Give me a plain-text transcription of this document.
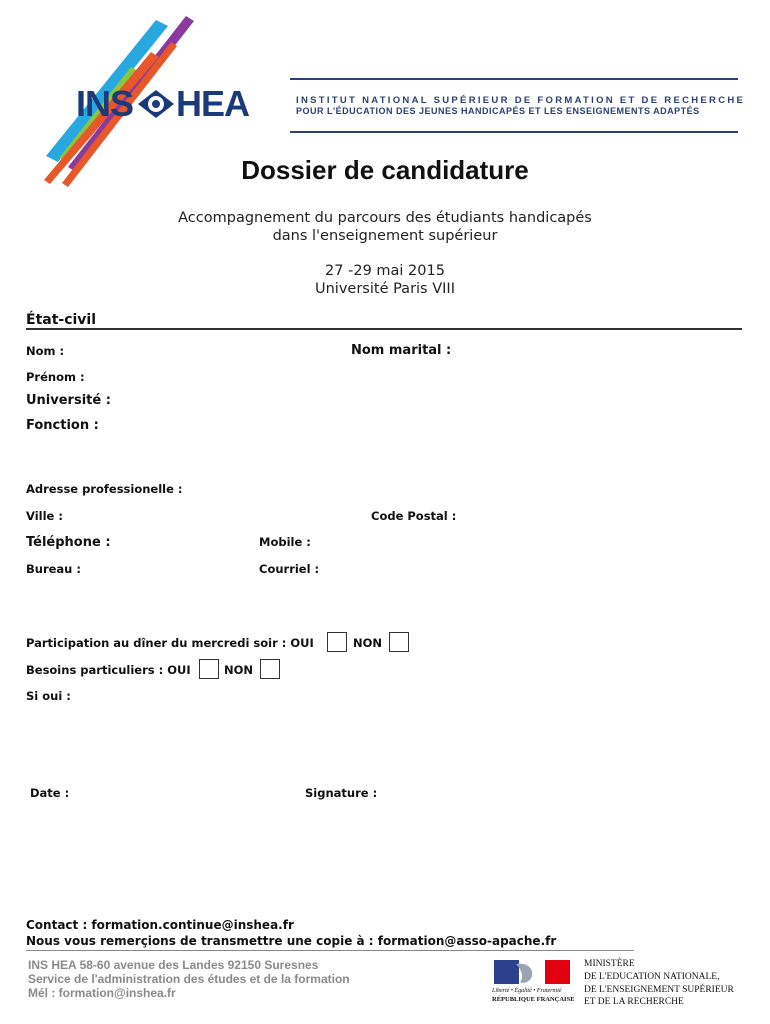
INS HEA	INSTITUT NATIONAL SUPÉRIEUR DE FORMATION ET DE RECHERCHE
POUR L'ÉDUCATION DES JEUNES HANDICAPÉS ET LES ENSEIGNEMENTS ADAPTÉS
Dossier de candidature
Accompagnement du parcours des étudiants handicapés
dans l'enseignement supérieur
27 -29 mai 2015
Université Paris VIII
État-civil
Nom :	Nom marital :
Prénom :
Université :
Fonction :
Adresse professionelle :
Ville :	Code Postal :
Téléphone :	Mobile :
Bureau :	Courriel :
Participation au dîner du mercredi soir : OUI	NON
Besoins particuliers : OUI	NON
Si oui :
Date :	Signature :
Contact : formation.continue@inshea.fr
Nous vous remerçions de transmettre une copie à : formation@asso-apache.fr
INS HEA 58-60 avenue des Landes 92150 Suresnes
Service de l'administration des études et de la formation
Mél : formation@inshea.fr	Liberté • Égalité • Fraternité
RÉPUBLIQUE FRANÇAISE
MINISTÈRE
DE L'EDUCATION NATIONALE,
DE L'ENSEIGNEMENT SUPÉRIEUR
ET DE LA RECHERCHE
